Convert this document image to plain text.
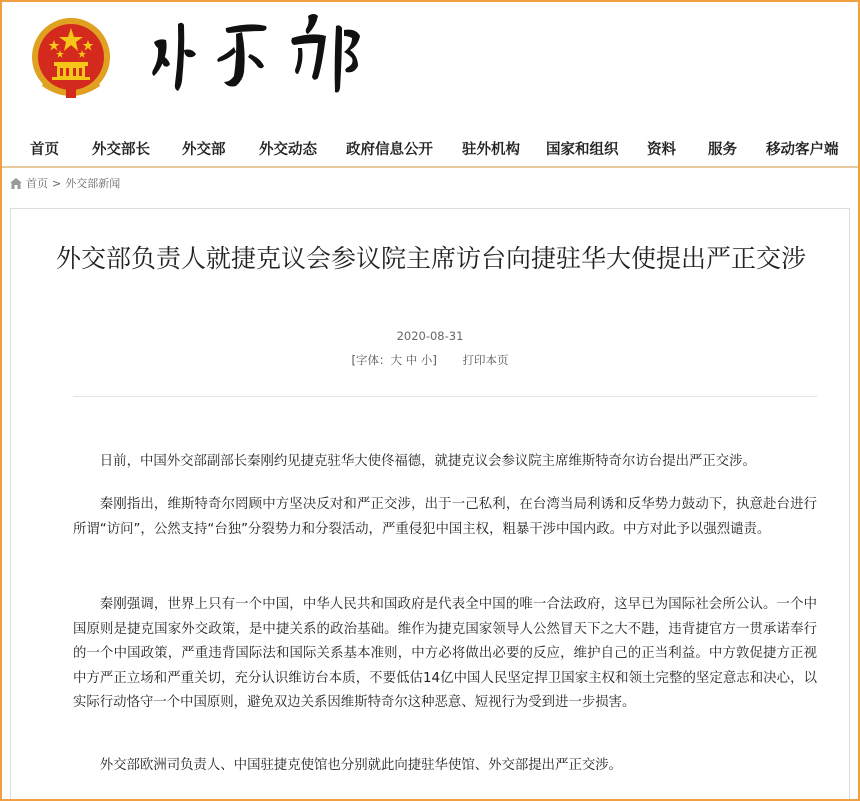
首页 外交部长 外交部 外交动态 政府信息公开 驻外机构 国家和组织 资料 服务 移动客户端
首页 > 外交部新闻
外交部负责人就捷克议会参议院主席访台向捷驻华大使提出严正交涉
2020-08-31
[字体：大 中 小] 打印本页

日前，中国外交部副部长秦刚约见捷克驻华大使佟福德，就捷克议会参议院主席维斯特奇尔访台提出严正交涉。

秦刚指出，维斯特奇尔罔顾中方坚决反对和严正交涉，出于一己私利，在台湾当局利诱和反华势力鼓动下，执意赴台进行所谓“访问”，公然支持“台独”分裂势力和分裂活动，严重侵犯中国主权，粗暴干涉中国内政。中方对此予以强烈谴责。

秦刚强调，世界上只有一个中国，中华人民共和国政府是代表全中国的唯一合法政府，这早已为国际社会所公认。一个中国原则是捷克国家外交政策，是中捷关系的政治基础。维作为捷克国家领导人公然冒天下之大不韪，违背捷官方一贯承诺奉行的一个中国政策，严重违背国际法和国际关系基本准则，中方必将做出必要的反应，维护自己的正当利益。中方敦促捷方正视中方严正立场和严重关切，充分认识维访台本质，不要低估14亿中国人民坚定捍卫国家主权和领土完整的坚定意志和决心，以实际行动恪守一个中国原则，避免双边关系因维斯特奇尔这种恶意、短视行为受到进一步损害。

外交部欧洲司负责人、中国驻捷克使馆也分别就此向捷驻华使馆、外交部提出严正交涉。
